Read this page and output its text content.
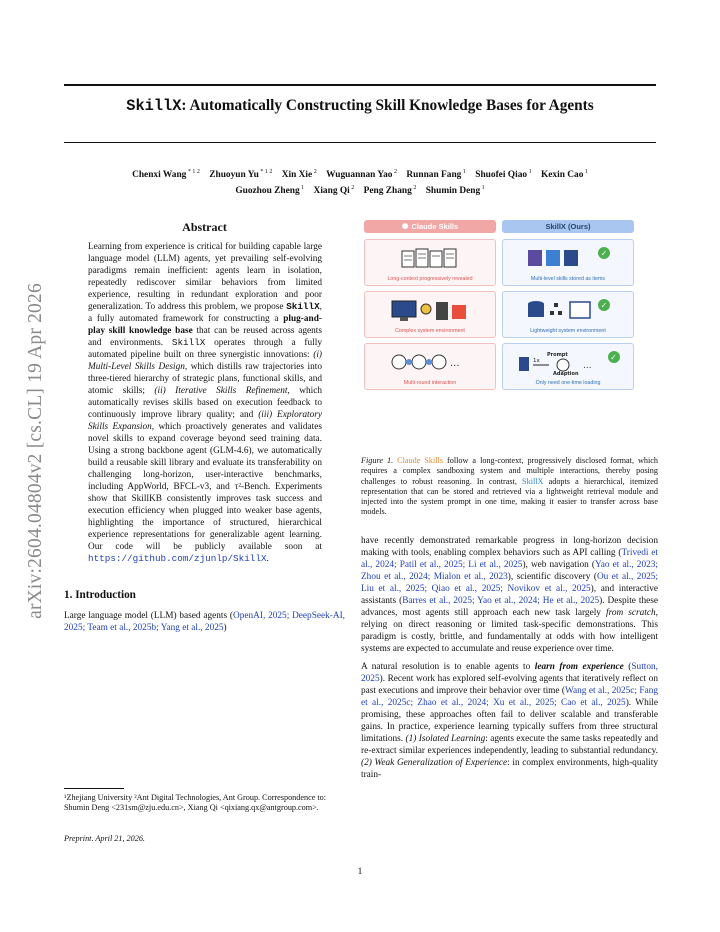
SkillX: Automatically Constructing Skill Knowledge Bases for Agents
Chenxi Wang $^{* 1 2}$   Zhuoyun Yu $^{* 1 2}$   Xin Xie $^2$   Wuguannan Yao $^2$   Runnan Fang $^1$   Shuofei Qiao $^1$   Kexin Cao $^1$
Guozhou Zheng $^1$   Xiang Qi $^2$   Peng Zhang $^2$   Shumin Deng $^1$
arXiv:2604.04804v2 [cs.CL] 19 Apr 2026
Abstract
Learning from experience is critical for building capable large language model (LLM) agents, yet prevailing self-evolving paradigms remain inefficient: agents learn in isolation, repeatedly rediscover similar behaviors from limited experience, resulting in redundant exploration and poor generalization. To address this problem, we propose SkillX, a fully automated framework for constructing a plug-and-play skill knowledge base that can be reused across agents and environments. SkillX operates through a fully automated pipeline built on three synergistic innovations: (i) Multi-Level Skills Design, which distills raw trajectories into three-tiered hierarchy of strategic plans, functional skills, and atomic skills; (ii) Iterative Skills Refinement, which automatically revises skills based on execution feedback to continuously improve library quality; and (iii) Exploratory Skills Expansion, which proactively generates and validates novel skills to expand coverage beyond seed training data. Using a strong backbone agent (GLM-4.6), we automatically build a reusable skill library and evaluate its transferability on challenging long-horizon, user-interactive benchmarks, including AppWorld, BFCL-v3, and τ²-Bench. Experiments show that SkillKB consistently improves task success and execution efficiency when plugged into weaker base agents, highlighting the importance of structured, hierarchical experience representations for generalizable agent learning. Our code will be publicly available soon at https://github.com/zjunlp/SkillX.
1. Introduction
Large language model (LLM) based agents (OpenAI, 2025; DeepSeek-AI, 2025; Team et al., 2025b; Yang et al., 2025)
¹Zhejiang University ²Ant Digital Technologies, Ant Group. Correspondence to: Shumin Deng <231sm@zju.edu.cn>, Xiang Qi <qixiang.qx@antgroup.com>.
Preprint. April 21, 2026.
✺ Claude Skills
Long-context progressively revealed
Complex system environment
...
Multi-round interaction
SkillX (Ours)
✓
Multi-level skills stored as items
✓
Lightweight system environment
1x
Prompt
Adaption
...
✓
Only need one-time loading
Figure 1. Claude Skills follow a long-context, progressively disclosed format, which requires a complex sandboxing system and multiple interactions, thereby posing challenges to robust reasoning. In contrast, SkillX adopts a hierarchical, itemized representation that can be stored and retrieved via a lightweight retrieval module and injected into the system prompt in one time, making it easier to transfer across base models.
have recently demonstrated remarkable progress in long-horizon decision making with tools, enabling complex behaviors such as API calling (Trivedi et al., 2024; Patil et al., 2025; Li et al., 2025), web navigation (Yao et al., 2023; Zhou et al., 2024; Mialon et al., 2023), scientific discovery (Ou et al., 2025; Liu et al., 2025; Qiao et al., 2025; Novikov et al., 2025), and interactive assistants (Barres et al., 2025; Yao et al., 2024; He et al., 2025). Despite these advances, most agents still approach each new task largely from scratch, relying on direct reasoning or limited task-specific demonstrations. This paradigm is costly, brittle, and fundamentally at odds with how intelligent systems are expected to accumulate and reuse experience over time.
A natural resolution is to enable agents to learn from experience (Sutton, 2025). Recent work has explored self-evolving agents that iteratively reflect on past executions and improve their behavior over time (Wang et al., 2025c; Fang et al., 2025c; Zhao et al., 2024; Xu et al., 2025; Cao et al., 2025). While promising, these approaches often fail to deliver scalable and transferable gains. In practice, experience learning typically suffers from three structural limitations. (1) Isolated Learning: agents execute the same tasks repeatedly and re-extract similar experiences independently, leading to substantial redundancy. (2) Weak Generalization of Experience: in complex environments, high-quality train-
1
